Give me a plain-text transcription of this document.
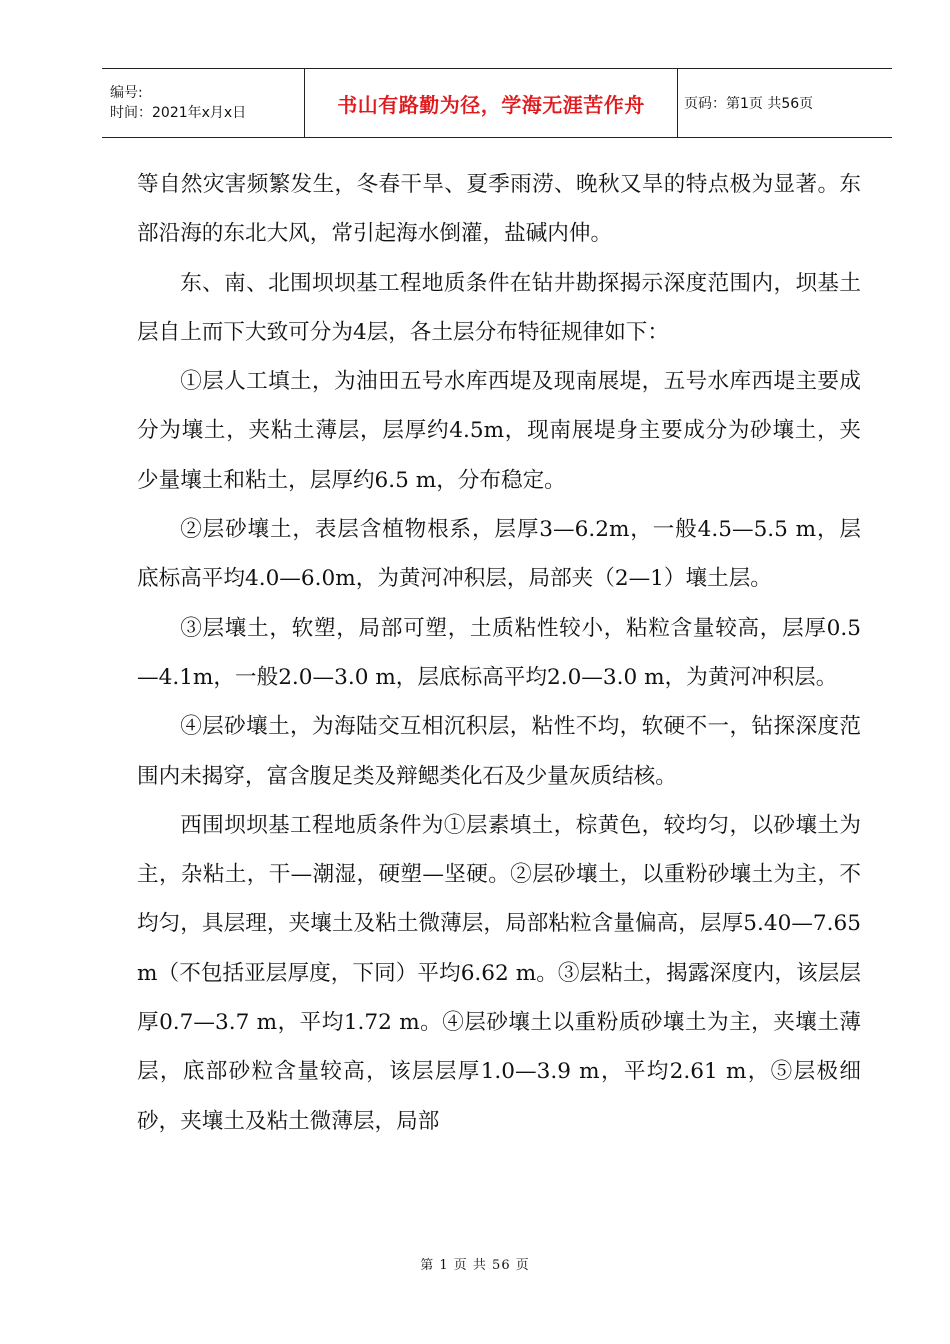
编号:
时间：2021年x月x日	书山有路勤为径，学海无涯苦作舟	页码：第1页 共56页

等自然灾害频繁发生，冬春干旱、夏季雨涝、晚秋又旱的特点极为显著。东部沿海的东北大风，常引起海水倒灌，盐碱内伸。

东、南、北围坝坝基工程地质条件在钻井勘探揭示深度范围内，坝基土层自上而下大致可分为4层，各土层分布特征规律如下：

①层人工填土，为油田五号水库西堤及现南展堤，五号水库西堤主要成分为壤土，夹粘土薄层，层厚约4.5m，现南展堤身主要成分为砂壤土，夹少量壤土和粘土，层厚约6.5 m，分布稳定。

②层砂壤土，表层含植物根系，层厚3—6.2m，一般4.5—5.5 m，层底标高平均4.0—6.0m，为黄河冲积层，局部夹（2—1）壤土层。

③层壤土，软塑，局部可塑，土质粘性较小，粘粒含量较高，层厚0.5—4.1m，一般2.0—3.0 m，层底标高平均2.0—3.0 m，为黄河冲积层。

④层砂壤土，为海陆交互相沉积层，粘性不均，软硬不一，钻探深度范围内未揭穿，富含腹足类及辩鳃类化石及少量灰质结核。

西围坝坝基工程地质条件为①层素填土，棕黄色，较均匀，以砂壤土为主，杂粘土，干—潮湿，硬塑—坚硬。②层砂壤土，以重粉砂壤土为主，不均匀，具层理，夹壤土及粘土微薄层，局部粘粒含量偏高，层厚5.40—7.65 m（不包括亚层厚度，下同）平均6.62 m。③层粘土，揭露深度内，该层层厚0.7—3.7 m，平均1.72 m。④层砂壤土以重粉质砂壤土为主，夹壤土薄层，底部砂粒含量较高，该层层厚1.0—3.9 m，平均2.61 m，⑤层极细砂，夹壤土及粘土微薄层，局部

第 1 页 共 56 页
